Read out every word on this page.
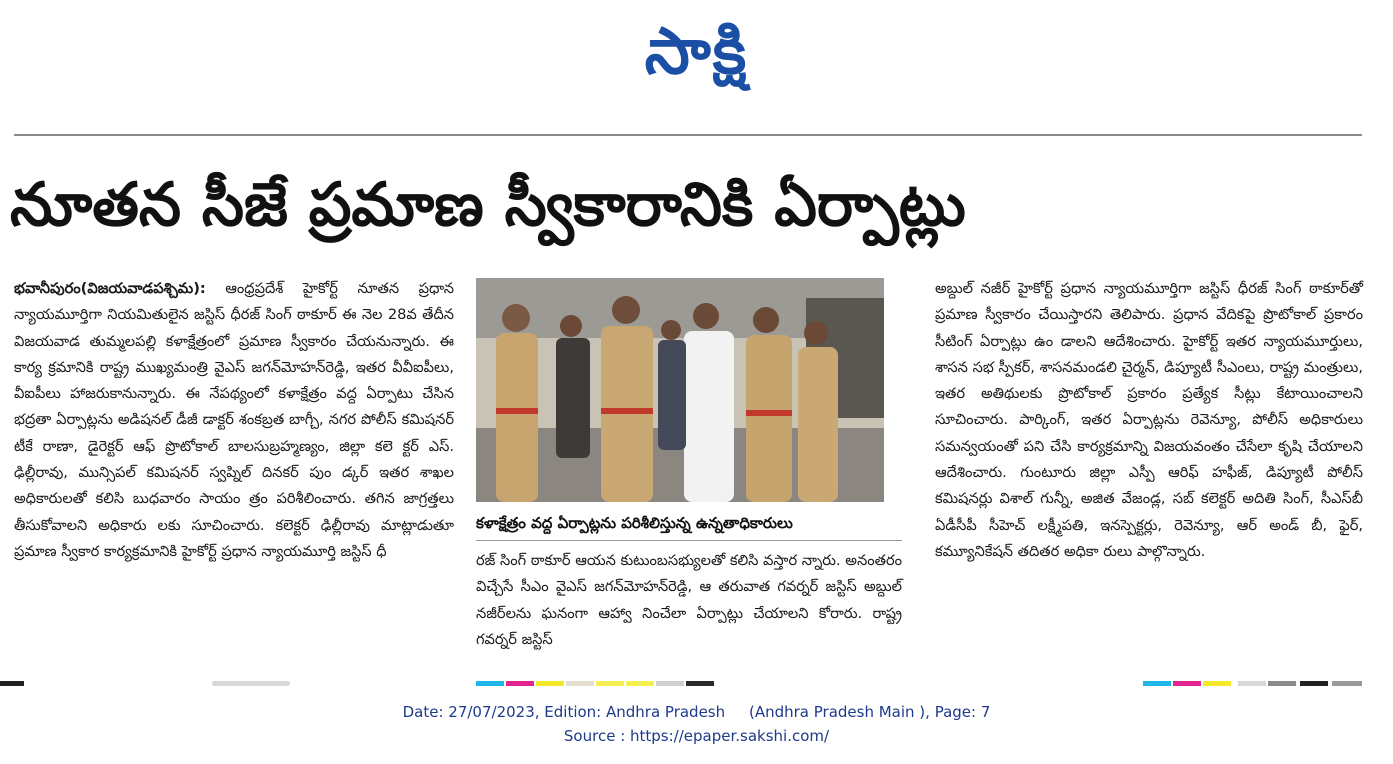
సాక్షి
నూతన సీజే ప్రమాణ స్వీకారానికి ఏర్పాట్లు
భవానీపురం(విజయవాడపశ్చిమ): ఆంధ్రప్రదేశ్ హైకోర్ట్ నూతన ప్రధాన న్యాయమూర్తిగా నియమితులైన జస్టిస్ ధీరజ్ సింగ్ ఠాకూర్ ఈ నెల 28వ తేదీన విజయవాడ తుమ్మలపల్లి కళాక్షేత్రంలో ప్రమాణ స్వీకారం చేయనున్నారు. ఈ కార్య క్రమానికి రాష్ట్ర ముఖ్యమంత్రి వైఎస్ జగన్‌మోహన్‌రెడ్డి, ఇతర వీవీఐపీలు, వీఐపీలు హాజరుకానున్నారు. ఈ నేపథ్యంలో కళాక్షేత్రం వద్ద ఏర్పాటు చేసిన భద్రతా ఏర్పాట్లను అడిషనల్ డీజీ డాక్టర్ శంకబ్రత బాగ్చీ, నగర పోలీస్ కమిషనర్ టీకే రాణా, డైరెక్టర్ ఆఫ్ ప్రొటోకాల్ బాలసుబ్రహ్మణ్యం, జిల్లా కలె క్టర్ ఎస్. ఢిల్లీరావు, మున్సిపల్ కమిషనర్ స్వప్నిల్ దినకర్ పుం డ్కర్ ఇతర శాఖల అధికారులతో కలిసి బుధవారం సాయం త్రం పరిశీలించారు. తగిన జాగ్రత్తలు తీసుకోవాలని అధికారు లకు సూచించారు. కలెక్టర్ ఢిల్లీరావు మాట్లాడుతూ ప్రమాణ స్వీకార కార్యక్రమానికి హైకోర్ట్ ప్రధాన న్యాయమూర్తి జస్టిస్ ధీ
కళాక్షేత్రం వద్ద ఏర్పాట్లను పరిశీలిస్తున్న ఉన్నతాధికారులు
రజ్ సింగ్ ఠాకూర్ ఆయన కుటుంబసభ్యులతో కలిసి వస్తార న్నారు. అనంతరం విచ్చేసే సీఎం వైఎస్ జగన్‌మోహన్‌రెడ్డి, ఆ తరువాత గవర్నర్ జస్టిస్ అబ్దుల్ నజీర్‌లను ఘనంగా ఆహ్వా నించేలా ఏర్పాట్లు చేయాలని కోరారు. రాష్ట్ర గవర్నర్ జస్టిస్
అబ్దుల్ నజీర్ హైకోర్ట్ ప్రధాన న్యాయమూర్తిగా జస్టిస్ ధీరజ్ సింగ్ ఠాకూర్‌తో ప్రమాణ స్వీకారం చేయిస్తారని తెలిపారు. ప్రధాన వేదికపై ప్రొటోకాల్ ప్రకారం సీటింగ్ ఏర్పాట్లు ఉం డాలని ఆదేశించారు. హైకోర్ట్ ఇతర న్యాయమూర్తులు, శాసన సభ స్పీకర్, శాసనమండలి చైర్మన్, డిప్యూటీ సీఎంలు, రాష్ట్ర మంత్రులు, ఇతర అతిథులకు ప్రొటోకాల్ ప్రకారం ప్రత్యేక సీట్లు కేటాయించాలని సూచించారు. పార్కింగ్, ఇతర ఏర్పాట్లను రెవెన్యూ, పోలీస్ అధికారులు సమన్వయంతో పని చేసి కార్యక్రమాన్ని విజయవంతం చేసేలా కృషి చేయాలని ఆదేశించారు. గుంటూరు జిల్లా ఎస్పీ ఆరిఫ్ హఫీజ్, డిప్యూటీ పోలీస్ కమిషనర్లు విశాల్ గున్నీ, అజిత వేజండ్ల, సబ్ కలెక్టర్ అదితి సింగ్, సీఎస్‌బీ ఏడీసీపీ సీహెచ్ లక్ష్మీపతి, ఇనస్పెక్టర్లు, రెవెన్యూ, ఆర్ అండ్ బీ, ఫైర్, కమ్యూనికేషన్ తదితర అధికా రులు పాల్గొన్నారు.
Date: 27/07/2023, Edition: Andhra Pradesh     (Andhra Pradesh Main ), Page: 7
Source : https://epaper.sakshi.com/
